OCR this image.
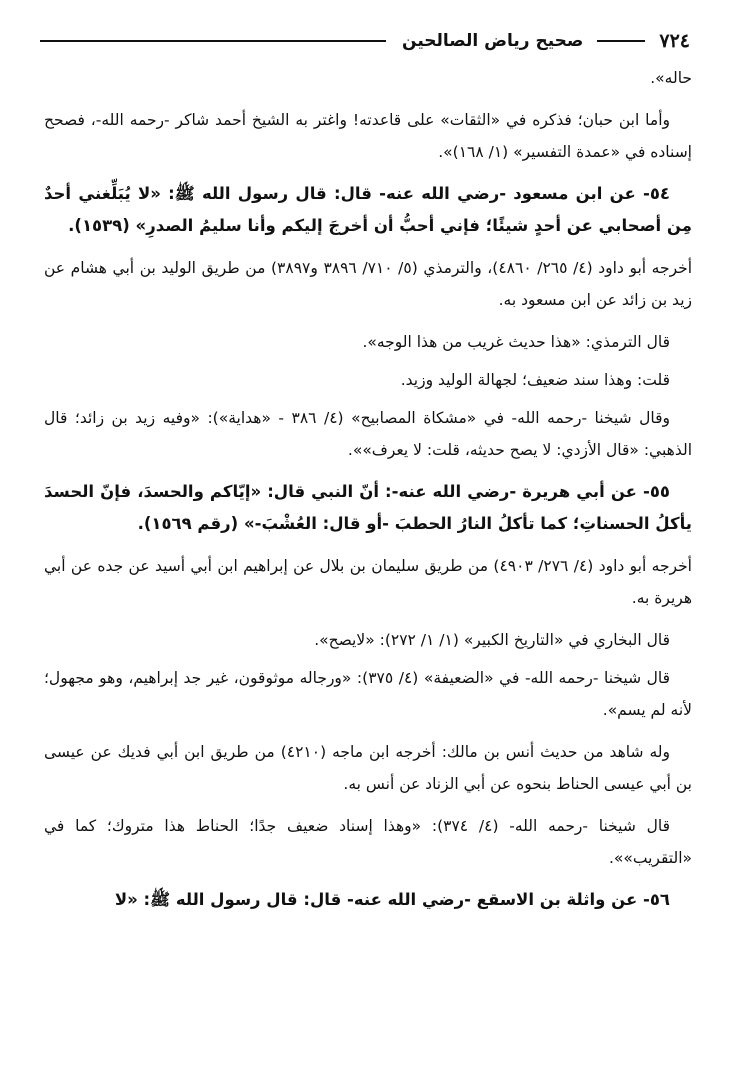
٧٢٤
صحيح رياض الصالحين

حاله».

وأما ابن حبان؛ فذكره في «الثقات» على قاعدته! واغتر به الشيخ أحمد شاكر -رحمه الله-، فصحح إسناده في «عمدة التفسير» (١/ ١٦٨)».

٥٤- عن ابن مسعود -رضي الله عنه- قال: قال رسول الله ﷺ: «لا يُبَلِّغني أحدٌ مِن أصحابي عن أحدٍ شيئًا؛ فإني أحبُّ أن أخرجَ إليكم وأنا سليمُ الصدرِ» (١٥٣٩).

أخرجه أبو داود (٤/ ٢٦٥/ ٤٨٦٠)، والترمذي (٥/ ٧١٠/ ٣٨٩٦ و٣٨٩٧) من طريق الوليد بن أبي هشام عن زيد بن زائد عن ابن مسعود به.

قال الترمذي: «هذا حديث غريب من هذا الوجه».

قلت: وهذا سند ضعيف؛ لجهالة الوليد وزيد.

وقال شيخنا -رحمه الله- في «مشكاة المصابيح» (٤/ ٣٨٦ - «هداية»): «وفيه زيد بن زائد؛ قال الذهبي: «قال الأزدي: لا يصح حديثه، قلت: لا يعرف»».

٥٥- عن أبي هريرة -رضي الله عنه-: أنّ النبي قال: «إيّاكم والحسدَ، فإنّ الحسدَ يأكلُ الحسناتِ؛ كما تأكلُ النارُ الحطبَ -أو قال: العُشْبَ-» (رقم ١٥٦٩).

أخرجه أبو داود (٤/ ٢٧٦/ ٤٩٠٣) من طريق سليمان بن بلال عن إبراهيم ابن أبي أسيد عن جده عن أبي هريرة به.

قال البخاري في «التاريخ الكبير» (١/ ١/ ٢٧٢): «لايصح».

قال شيخنا -رحمه الله- في «الضعيفة» (٤/ ٣٧٥): «ورجاله موثوقون، غير جد إبراهيم، وهو مجهول؛ لأنه لم يسم».

وله شاهد من حديث أنس بن مالك: أخرجه ابن ماجه (٤٢١٠) من طريق ابن أبي فديك عن عيسى بن أبي عيسى الحناط بنحوه عن أبي الزناد عن أنس به.

قال شيخنا -رحمه الله- (٤/ ٣٧٤): «وهذا إسناد ضعيف جدًا؛ الحناط هذا متروك؛ كما في «التقريب»».

٥٦- عن واثلة بن الاسقع -رضي الله عنه- قال: قال رسول الله ﷺ: «لا
